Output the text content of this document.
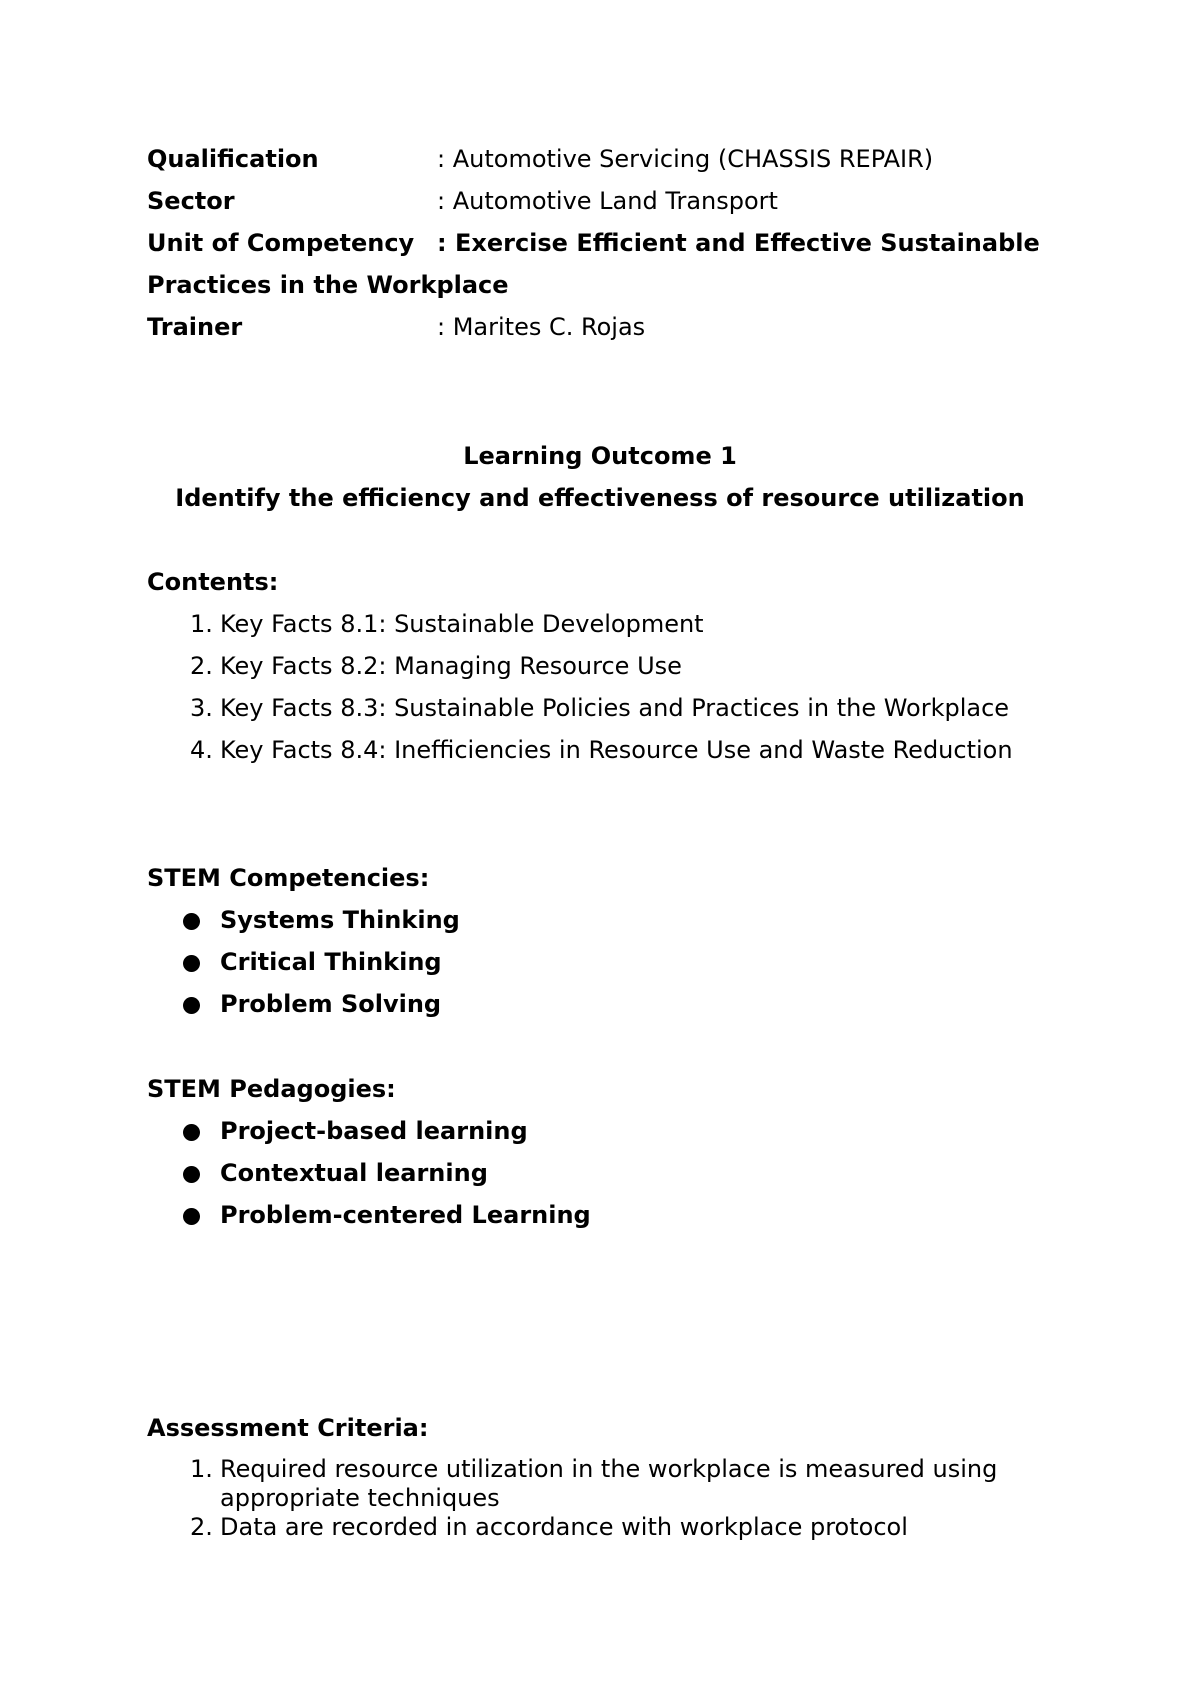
Qualification	: Automotive Servicing (CHASSIS REPAIR)
Sector	: Automotive Land Transport
Unit of Competency : Exercise Efficient and Effective Sustainable
Practices in the Workplace
Trainer	: Marites C. Rojas
Learning Outcome 1
Identify the efficiency and effectiveness of resource utilization
Contents:
1. Key Facts 8.1: Sustainable Development
2. Key Facts 8.2: Managing Resource Use
3. Key Facts 8.3: Sustainable Policies and Practices in the Workplace
4. Key Facts 8.4: Inefficiencies in Resource Use and Waste Reduction
STEM Competencies:
Systems Thinking
Critical Thinking
Problem Solving
STEM Pedagogies:
Project-based learning
Contextual learning
Problem-centered Learning
Assessment Criteria:
1. Required resource utilization in the workplace is measured using
appropriate techniques
2. Data are recorded in accordance with workplace protocol
